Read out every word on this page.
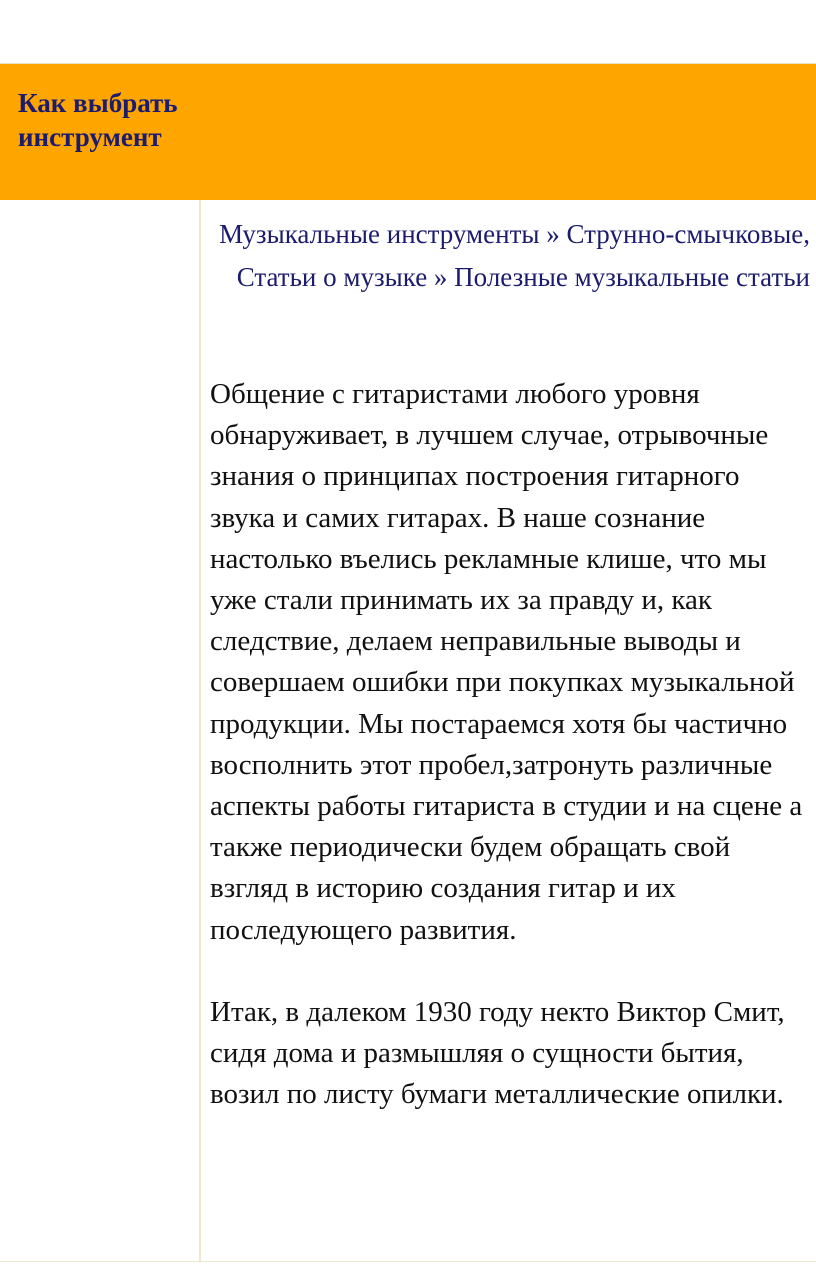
Как выбрать инструмент

Музыкальные инструменты » Струнно-смычковые, Статьи о музыке » Полезные музыкальные статьи

Общение с гитаристами любого уровня обнаруживает, в лучшем случае, отрывочные знания о принципах построения гитарного звука и самих гитарах. В наше сознание настолько въелись рекламные клише, что мы уже стали принимать их за правду и, как следствие, делаем неправильные выводы и совершаем ошибки при покупках музыкальной продукции. Мы постараемся хотя бы частично восполнить этот пробел,затронуть различные аспекты работы гитариста в студии и на сцене а также периодически будем обращать свой взгляд в историю создания гитар и их последующего развития.

Итак, в далеком 1930 году некто Виктор Смит, сидя дома и размышляя о сущности бытия, возил по листу бумаги металлические опилки.
